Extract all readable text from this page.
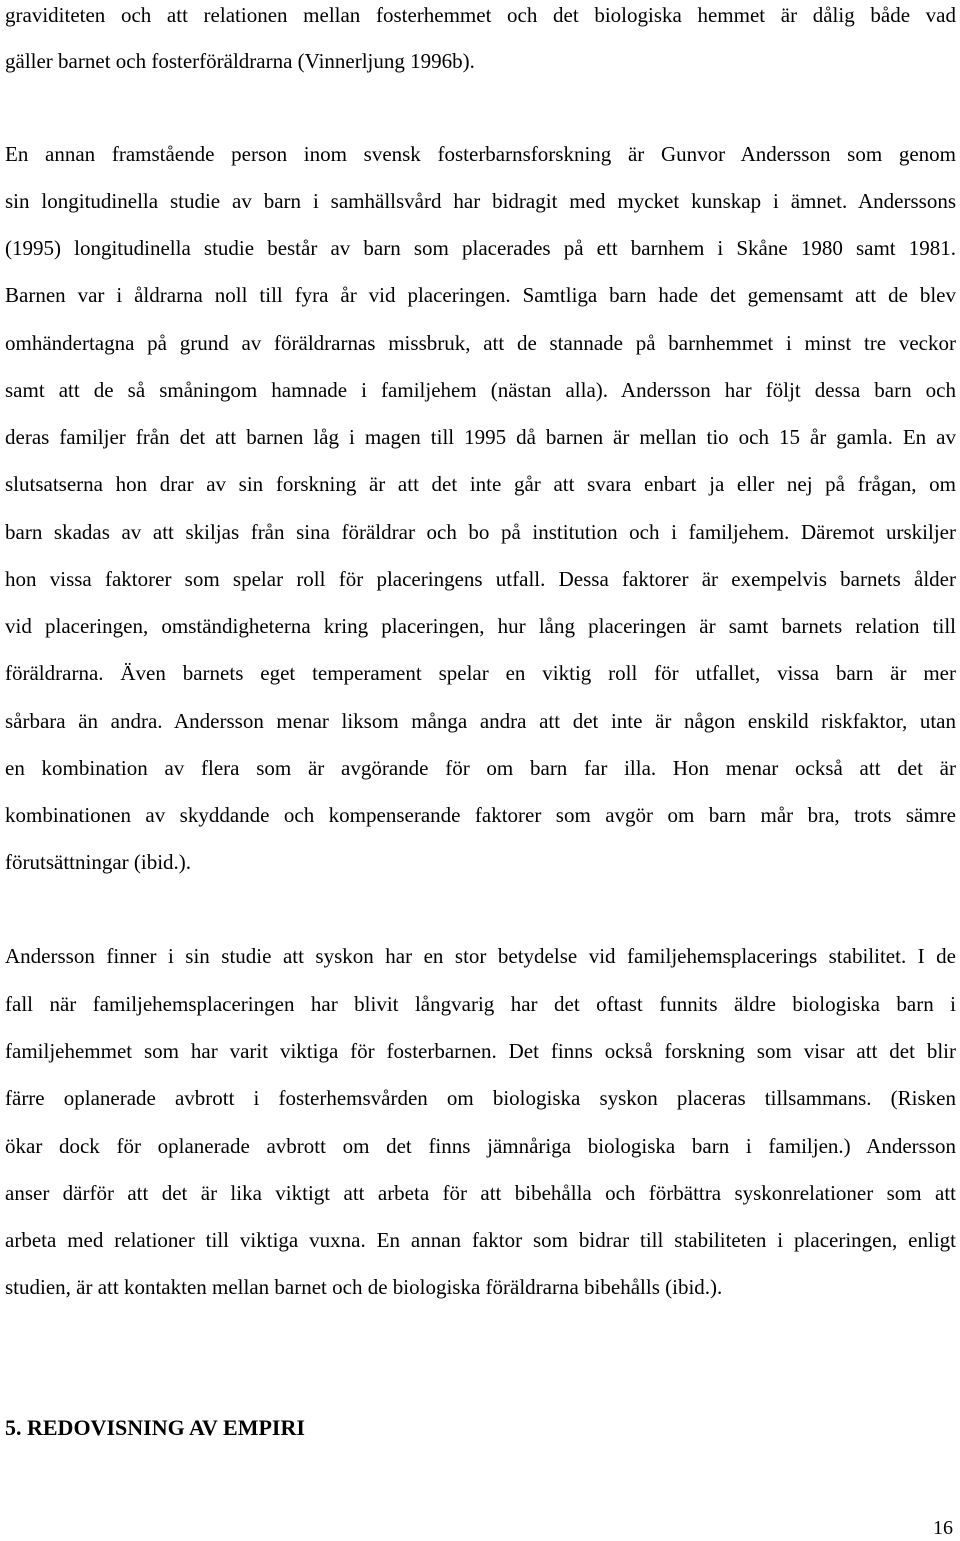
graviditeten och att relationen mellan fosterhemmet och det biologiska hemmet är dålig både vad
gäller barnet och fosterföräldrarna (Vinnerljung 1996b).
En annan framstående person inom svensk fosterbarnsforskning är Gunvor Andersson som genom
sin longitudinella studie av barn i samhällsvård har bidragit med mycket kunskap i ämnet. Anderssons
(1995) longitudinella studie består av barn som placerades på ett barnhem i Skåne 1980 samt 1981.
Barnen var i åldrarna noll till fyra år vid placeringen. Samtliga barn hade det gemensamt att de blev
omhändertagna på grund av föräldrarnas missbruk, att de stannade på barnhemmet i minst tre veckor
samt att de så småningom hamnade i familjehem (nästan alla). Andersson har följt dessa barn och
deras familjer från det att barnen låg i magen till 1995 då barnen är mellan tio och 15 år gamla. En av
slutsatserna hon drar av sin forskning är att det inte går att svara enbart ja eller nej på frågan, om
barn skadas av att skiljas från sina föräldrar och bo på institution och i familjehem. Däremot urskiljer
hon vissa faktorer som spelar roll för placeringens utfall. Dessa faktorer är exempelvis barnets ålder
vid placeringen, omständigheterna kring placeringen, hur lång placeringen är samt barnets relation till
föräldrarna. Även barnets eget temperament spelar en viktig roll för utfallet, vissa barn är mer
sårbara än andra. Andersson menar liksom många andra att det inte är någon enskild riskfaktor, utan
en kombination av flera som är avgörande för om barn far illa. Hon menar också att det är
kombinationen av skyddande och kompenserande faktorer som avgör om barn mår bra, trots sämre
förutsättningar (ibid.).
Andersson finner i sin studie att syskon har en stor betydelse vid familjehemsplacerings stabilitet. I de
fall när familjehemsplaceringen har blivit långvarig har det oftast funnits äldre biologiska barn i
familjehemmet som har varit viktiga för fosterbarnen. Det finns också forskning som visar att det blir
färre oplanerade avbrott i fosterhemsvården om biologiska syskon placeras tillsammans. (Risken
ökar dock för oplanerade avbrott om det finns jämnåriga biologiska barn i familjen.) Andersson
anser därför att det är lika viktigt att arbeta för att bibehålla och förbättra syskonrelationer som att
arbeta med relationer till viktiga vuxna. En annan faktor som bidrar till stabiliteten i placeringen, enligt
studien, är att kontakten mellan barnet och de biologiska föräldrarna bibehålls (ibid.).
5. REDOVISNING AV EMPIRI
16
